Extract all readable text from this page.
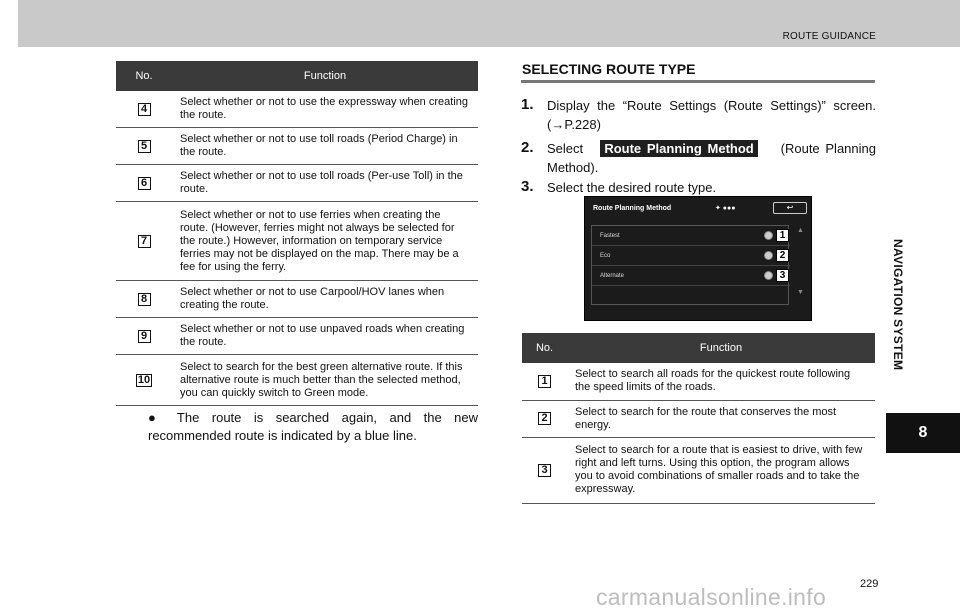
ROUTE GUIDANCE
NAVIGATION SYSTEM
8
No.	Function
4	Select whether or not to use the expressway when creating the route.
5	Select whether or not to use toll roads (Period Charge) in the route.
6	Select whether or not to use toll roads (Per-use Toll) in the route.
7	Select whether or not to use ferries when creating the route. (However, ferries might not always be selected for the route.) However, information on temporary service ferries may not be displayed on the map. There may be a fee for using the ferry.
8	Select whether or not to use Carpool/HOV lanes when creating the route.
9	Select whether or not to use unpaved roads when creating the route.
10	Select to search for the best green alternative route. If this alternative route is much better than the selected method, you can quickly switch to Green mode.
● The route is searched again, and the new recommended route is indicated by a blue line.
SELECTING ROUTE TYPE
1.	Display the “Route Settings (Route Settings)” screen. (→P.228)
2.	Select Route Planning Method (Route Planning Method).
3.	Select the desired route type.
Route Planning Method	✦ ●●●	↩
Fastest	1
Eco	2
Alternate	3
▲
▼
No.	Function
1	Select to search all roads for the quickest route following the speed limits of the roads.
2	Select to search for the route that conserves the most energy.
3	Select to search for a route that is easiest to drive, with few right and left turns. Using this option, the program allows you to avoid combinations of smaller roads and to take the expressway.
229
carmanualsonline.info
